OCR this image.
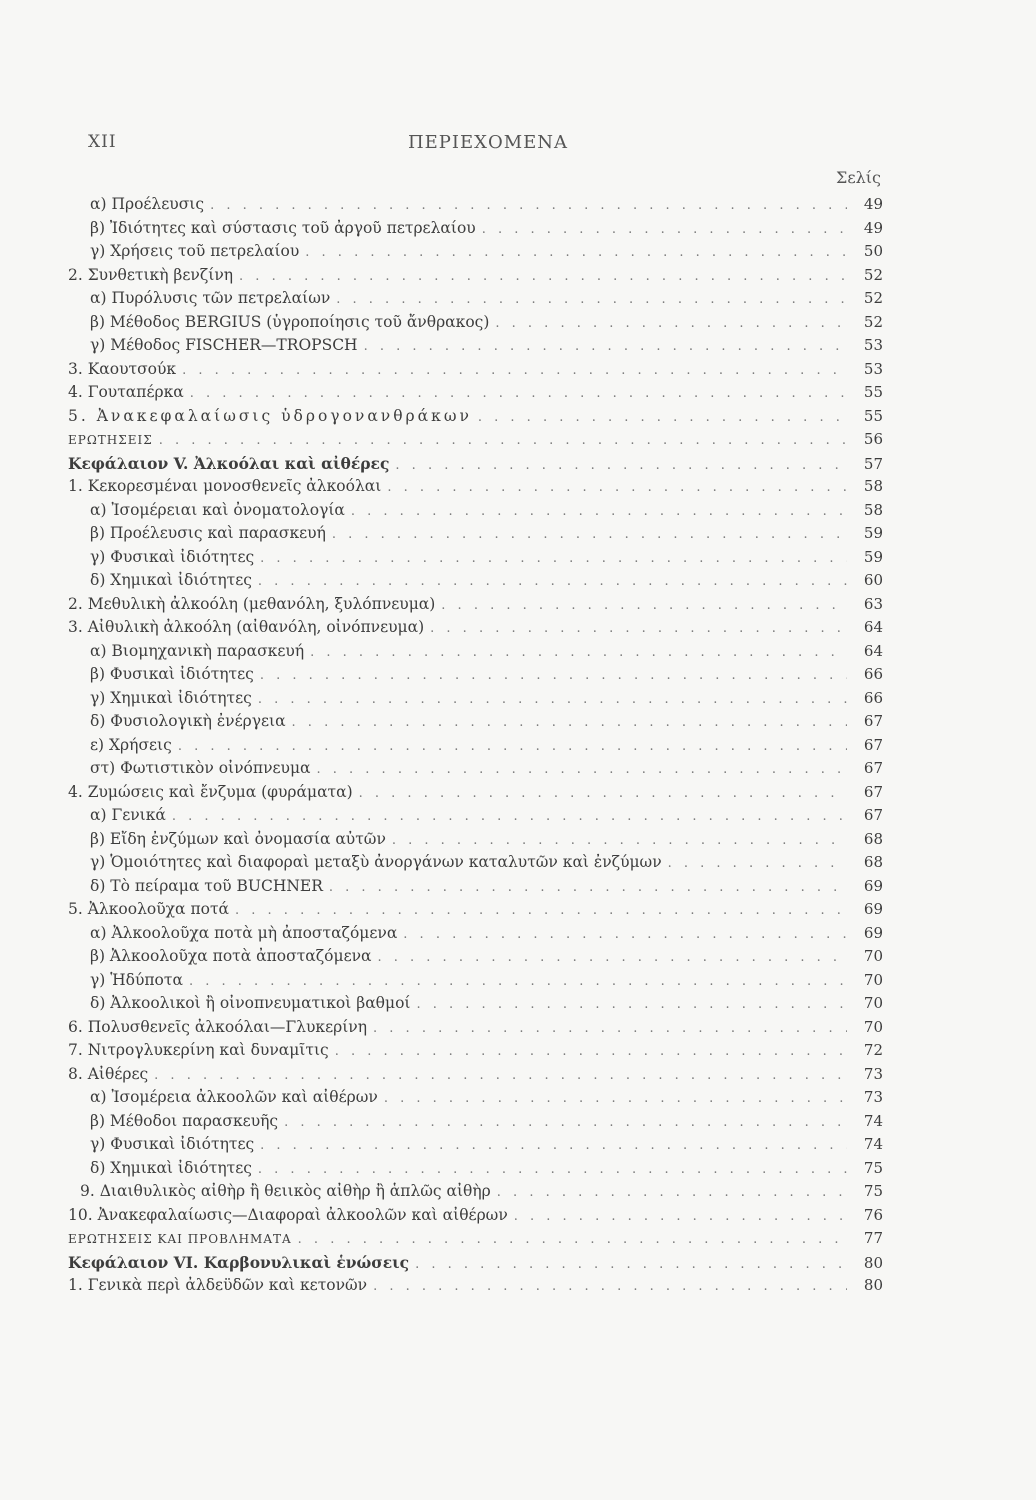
XII	ΠΕΡΙΕΧΟΜΕΝΑ
Σελίς
α) Προέλευσις . . .	49
β) Ἰδιότητες καὶ σύστασις τοῦ ἀργοῦ πετρελαίου . . .	49
γ) Χρήσεις τοῦ πετρελαίου . . .	50
2. Συνθετικὴ βενζίνη . . .	52
α) Πυρόλυσις τῶν πετρελαίων . . .	52
β) Μέθοδος BERGIUS (ὑγροποίησις τοῦ ἄνθρακος) . . .	52
γ) Μέθοδος FISCHER—TROPSCH . . .	53
3. Καουτσούκ . . .	53
4. Γουταπέρκα . . .	55
5. Ἀνακεφαλαίωσις ὑδρογονανθράκων . . .	55
ΕΡΩΤΗΣΕΙΣ . . .	56
Κεφάλαιον V. Ἀλκοόλαι καὶ αἰθέρες . . .	57
1. Κεκορεσμέναι μονοσθενεῖς ἀλκοόλαι . . .	58
α) Ἰσομέρειαι καὶ ὀνοματολογία . . .	58
β) Προέλευσις καὶ παρασκευή . . .	59
γ) Φυσικαὶ ἰδιότητες . . .	59
δ) Χημικαὶ ἰδιότητες . . .	60
2. Μεθυλικὴ ἀλκοόλη (μεθανόλη, ξυλόπνευμα) . . .	63
3. Αἰθυλικὴ ἀλκοόλη (αἰθανόλη, οἰνόπνευμα) . . .	64
α) Βιομηχανικὴ παρασκευή . . .	64
β) Φυσικαὶ ἰδιότητες . . .	66
γ) Χημικαὶ ἰδιότητες . . .	66
δ) Φυσιολογικὴ ἐνέργεια . . .	67
ε) Χρήσεις . . .	67
στ) Φωτιστικὸν οἰνόπνευμα . . .	67
4. Ζυμώσεις καὶ ἔνζυμα (φυράματα) . . .	67
α) Γενικά . . .	67
β) Εἴδη ἐνζύμων καὶ ὀνομασία αὐτῶν . . .	68
γ) Ὁμοιότητες καὶ διαφοραὶ μεταξὺ ἀνοργάνων καταλυτῶν καὶ ἐνζύμων . . .	68
δ) Τὸ πείραμα τοῦ BUCHNER . . .	69
5. Ἀλκοολοῦχα ποτά . . .	69
α) Ἀλκοολοῦχα ποτὰ μὴ ἀποσταζόμενα . . .	69
β) Ἀλκοολοῦχα ποτὰ ἀποσταζόμενα . . .	70
γ) Ἡδύποτα . . .	70
δ) Ἀλκοολικοὶ ἢ οἰνοπνευματικοὶ βαθμοί . . .	70
6. Πολυσθενεῖς ἀλκοόλαι—Γλυκερίνη . . .	70
7. Νιτρογλυκερίνη καὶ δυναμῖτις . . .	72
8. Αἰθέρες . . .	73
α) Ἰσομέρεια ἀλκοολῶν καὶ αἰθέρων . . .	73
β) Μέθοδοι παρασκευῆς . . .	74
γ) Φυσικαὶ ἰδιότητες . . .	74
δ) Χημικαὶ ἰδιότητες . . .	75
9. Διαιθυλικὸς αἰθὴρ ἢ θειικὸς αἰθὴρ ἢ ἁπλῶς αἰθὴρ . . .	75
10. Ἀνακεφαλαίωσις—Διαφοραὶ ἀλκοολῶν καὶ αἰθέρων . . .	76
ΕΡΩΤΗΣΕΙΣ ΚΑΙ ΠΡΟΒΛΗΜΑΤΑ . . .	77
Κεφάλαιον VI. Καρβονυλικαὶ ἑνώσεις . . .	80
1. Γενικὰ περὶ ἀλδεϋδῶν καὶ κετονῶν . . .	80
